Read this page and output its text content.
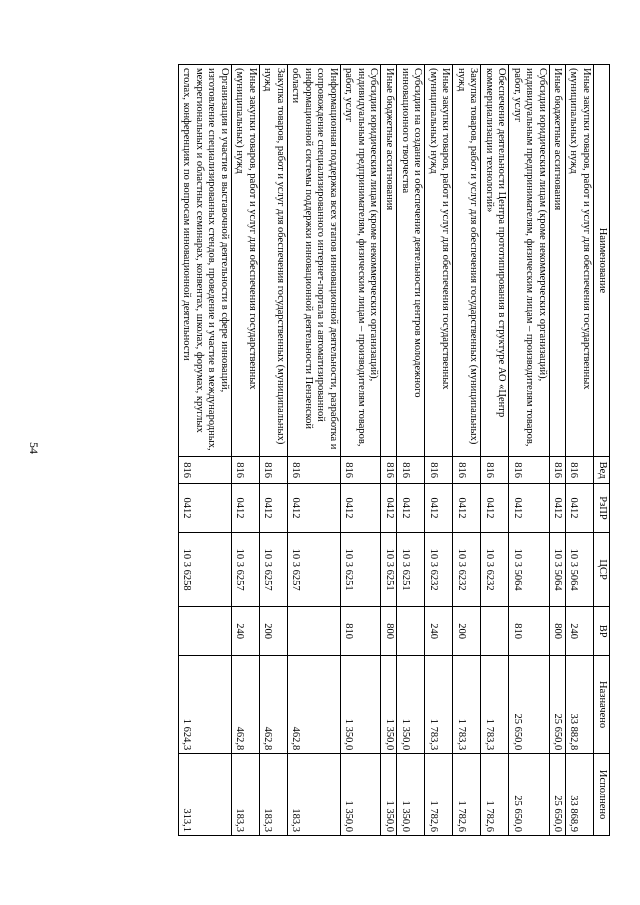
54
Наименование	Вед	РзПР	ЦСР	ВР	Назначено	Исполнено
Иные закупки товаров, работ и услуг для обеспечения государственных (муниципальных) нужд	816	0412	10 3 5064	240	33 882,8	33 868,9
Иные бюджетные ассигнования	816	0412	10 3 5064	800	25 650,0	25 650,0
Субсидии юридическим лицам (кроме некоммерческих организаций), индивидуальным предпринимателям, физическим лицам – производителям товаров, работ, услуг	816	0412	10 3 5064	810	25 650,0	25 650,0
Обеспечение деятельности Центра прототипирования в структуре АО «Центр коммерциализации технологий»	816	0412	10 3 6232		1 783,3	1 782,6
Закупка товаров, работ и услуг для обеспечения государственных (муниципальных) нужд	816	0412	10 3 6232	200	1 783,3	1 782,6
Иные закупки товаров, работ и услуг для обеспечения государственных (муниципальных) нужд	816	0412	10 3 6232	240	1 783,3	1 782,6
Субсидии на создание и обеспечение деятельности центров молодежного инновационного творчества	816	0412	10 3 6251		1 350,0	1 350,0
Иные бюджетные ассигнования	816	0412	10 3 6251	800	1 350,0	1 350,0
Субсидии юридическим лицам (кроме некоммерческих организаций), индивидуальным предпринимателям, физическим лицам – производителям товаров, работ, услуг	816	0412	10 3 6251	810	1 350,0	1 350,0
Информационная поддержка всех этапов инновационной деятельности, разработка и сопровождение специализированного интернет-портала и автоматизированной информационной системы поддержки инновационной деятельности Пензенской области	816	0412	10 3 6257		462,8	183,3
Закупка товаров, работ и услуг для обеспечения государственных (муниципальных) нужд	816	0412	10 3 6257	200	462,8	183,3
Иные закупки товаров, работ и услуг для обеспечения государственных (муниципальных) нужд	816	0412	10 3 6257	240	462,8	183,3
Организация и участие в выставочной деятельности в сфере инноваций, изготовление специализированных стендов, проведение и участие в международных, межрегиональных и областных семинарах, конвентах, школах, форумах, круглых столах, конференциях по вопросам инновационной деятельности	816	0412	10 3 6258		1 624,3	313,1
